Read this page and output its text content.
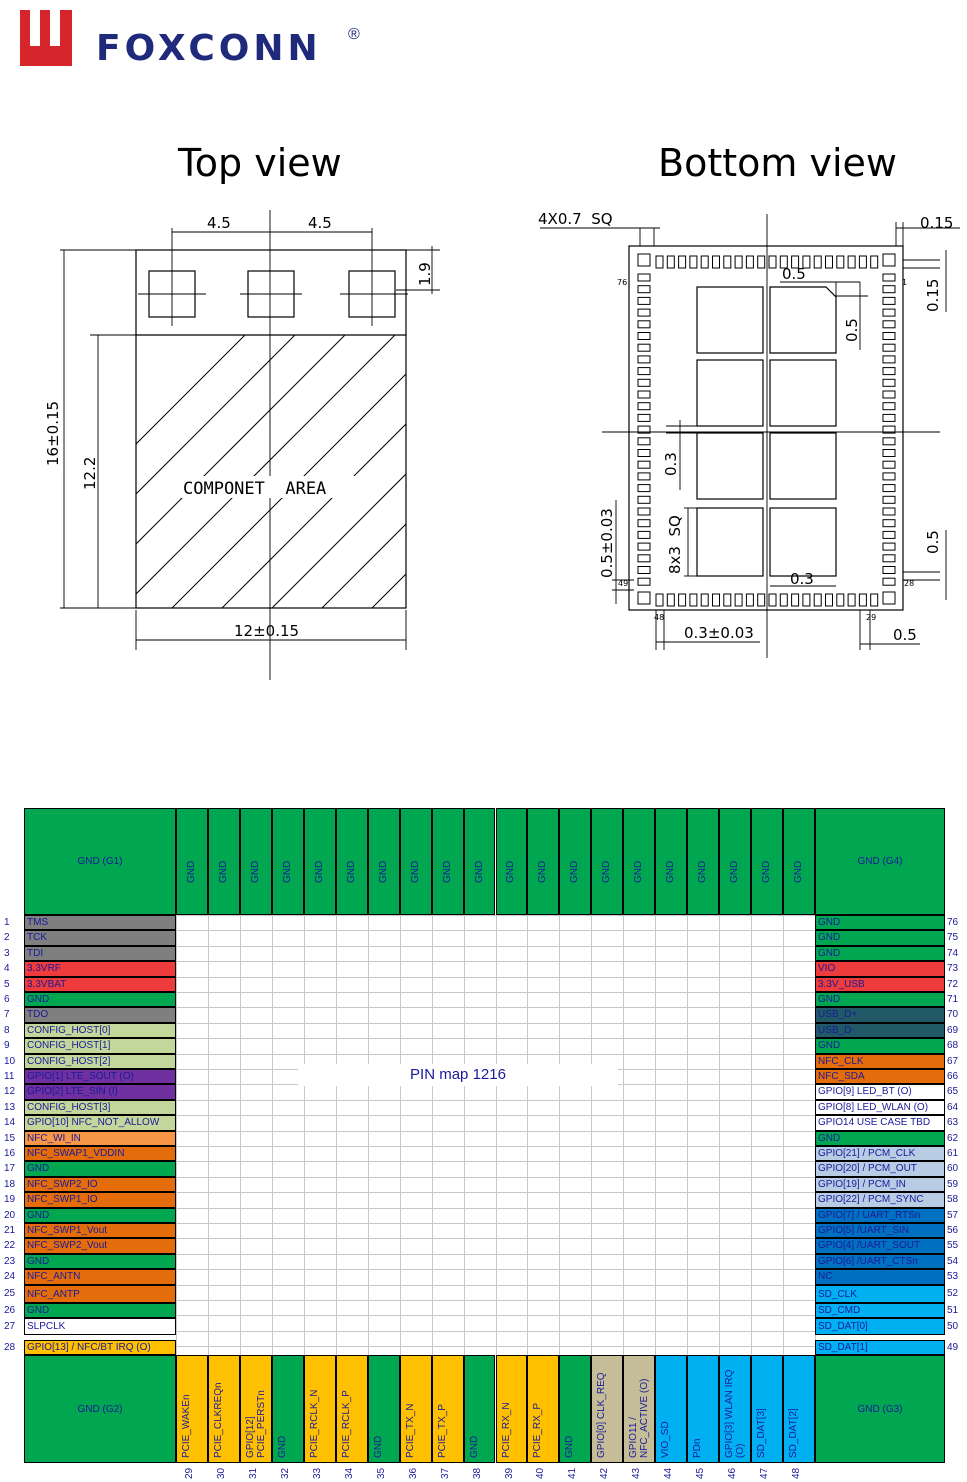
FOXCONN ®
Top view
4.5	4.5
1.9
16±0.15
12.2
12±0.15
COMPONET  AREA
Bottom view
4X0.7  SQ	0.15
0.15
0.5
0.5
0.3
8x3  SQ
0.5±0.03
0.3
0.5
0.3±0.03	0.5
76	1
49	28
48	29
PIN map 1216
GND (G1)	GND (G4)
GND (G2)	GND (G3)
GND	GND	GND	GND	GND	GND	GND	GND	GND	GND	GND	GND	GND	GND	GND	GND	GND	GND	GND	GND
1	TMS
2	TCK
3	TDI
4	3.3VRF
5	3.3VBAT
6	GND
7	TDO
8	CONFIG_HOST[0]
9	CONFIG_HOST[1]
10	CONFIG_HOST[2]
11	GPIO[1] LTE_SOUT (O)
12	GPIO[2] LTE_SIN (I)
13	CONFIG_HOST[3]
14	GPIO[10] NFC_NOT_ALLOW
15	NFC_WI_IN
16	NFC_SWAP1_VDDIN
17	GND
18	NFC_SWP2_IO
19	NFC_SWP1_IO
20	GND
21	NFC_SWP1_Vout
22	NFC_SWP2_Vout
23	GND
24	NFC_ANTN
25	NFC_ANTP
26	GND
27	SLPCLK
28	GPIO[13] / NFC/BT IRQ (O)
GND	76
GND	75
GND	74
VIO	73
3.3V_USB	72
GND	71
USB_D+	70
USB_D-	69
GND	68
NFC_CLK	67
NFC_SDA	66
GPIO[9] LED_BT (O)	65
GPIO[8] LED_WLAN (O)	64
GPIO14 USE CASE TBD	63
GND	62
GPIO[21] / PCM_CLK	61
GPIO[20] / PCM_OUT	60
GPIO[19] / PCM_IN	59
GPIO[22] / PCM_SYNC	58
GPIO[7] / UART_RTSn	57
GPIO[5] /UART_SIN	56
GPIO[4] /UART_SOUT	55
GPIO[6] /UART_CTSn	54
NC	53
SD_CLK	52
SD_CMD	51
SD_DAT[0]	50
SD_DAT[1]	49
PCIE_WAKEn
29
PCIE_CLKREQn
30
GPIO[12] PCIE_PERSTn
31
GND
32
PCIE_RCLK_N
33
PCIE_RCLK_P
34
GND
35
PCIE_TX_N
36
PCIE_TX_P
37
GND
38
PCIE_RX_N
39
PCIE_RX_P
40
GND
41
GPIO[0] CLK_REQ
42
GPIO11 / NFC_ACTIVE (O)
43
VIO_SD
44
PDn
45
GPIO[3] WLAN IRQ (O)
46
SD_DAT[3]
47
SD_DAT[2]
48
